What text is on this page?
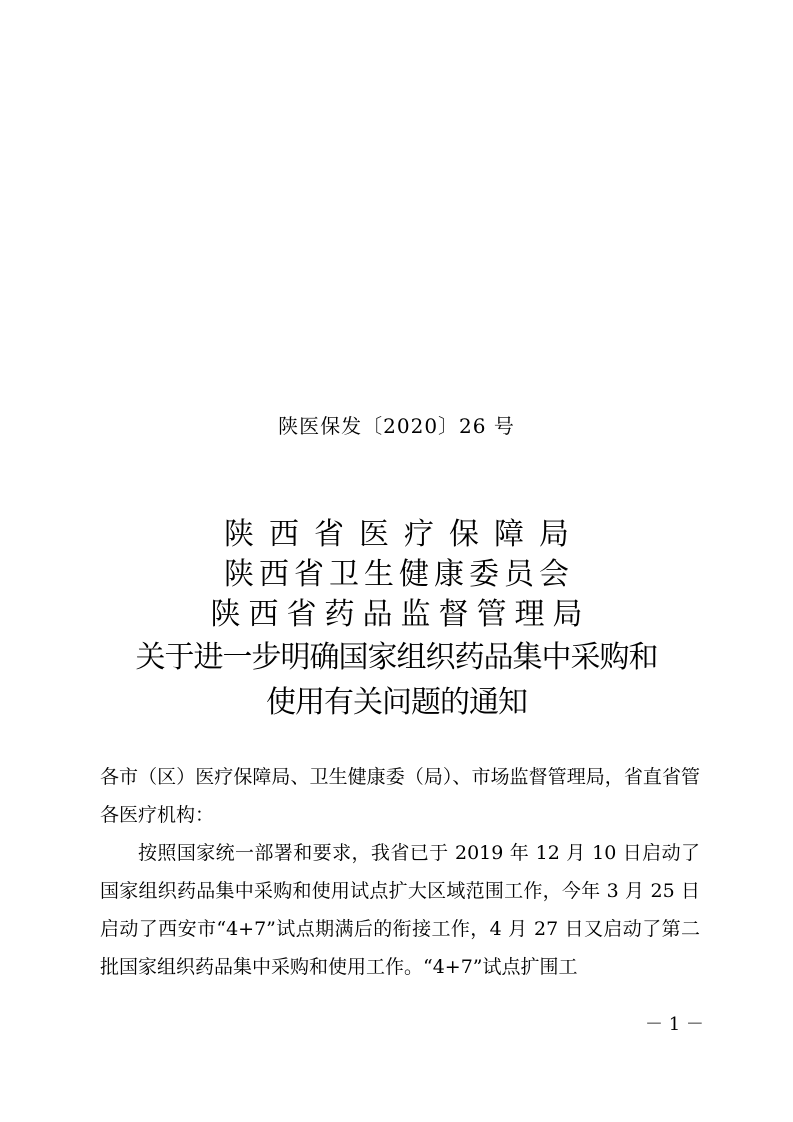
陕医保发〔2020〕26 号
陕西省医疗保障局
陕西省卫生健康委员会
陕西省药品监督管理局
关于进一步明确国家组织药品集中采购和
使用有关问题的通知

各市（区）医疗保障局、卫生健康委（局）、市场监督管理局，省直省管各医疗机构：

按照国家统一部署和要求，我省已于 2019 年 12 月 10 日启动了国家组织药品集中采购和使用试点扩大区域范围工作，今年 3 月 25 日启动了西安市“4+7”试点期满后的衔接工作，4 月 27 日又启动了第二批国家组织药品集中采购和使用工作。“4+7”试点扩围工

－ 1 －
